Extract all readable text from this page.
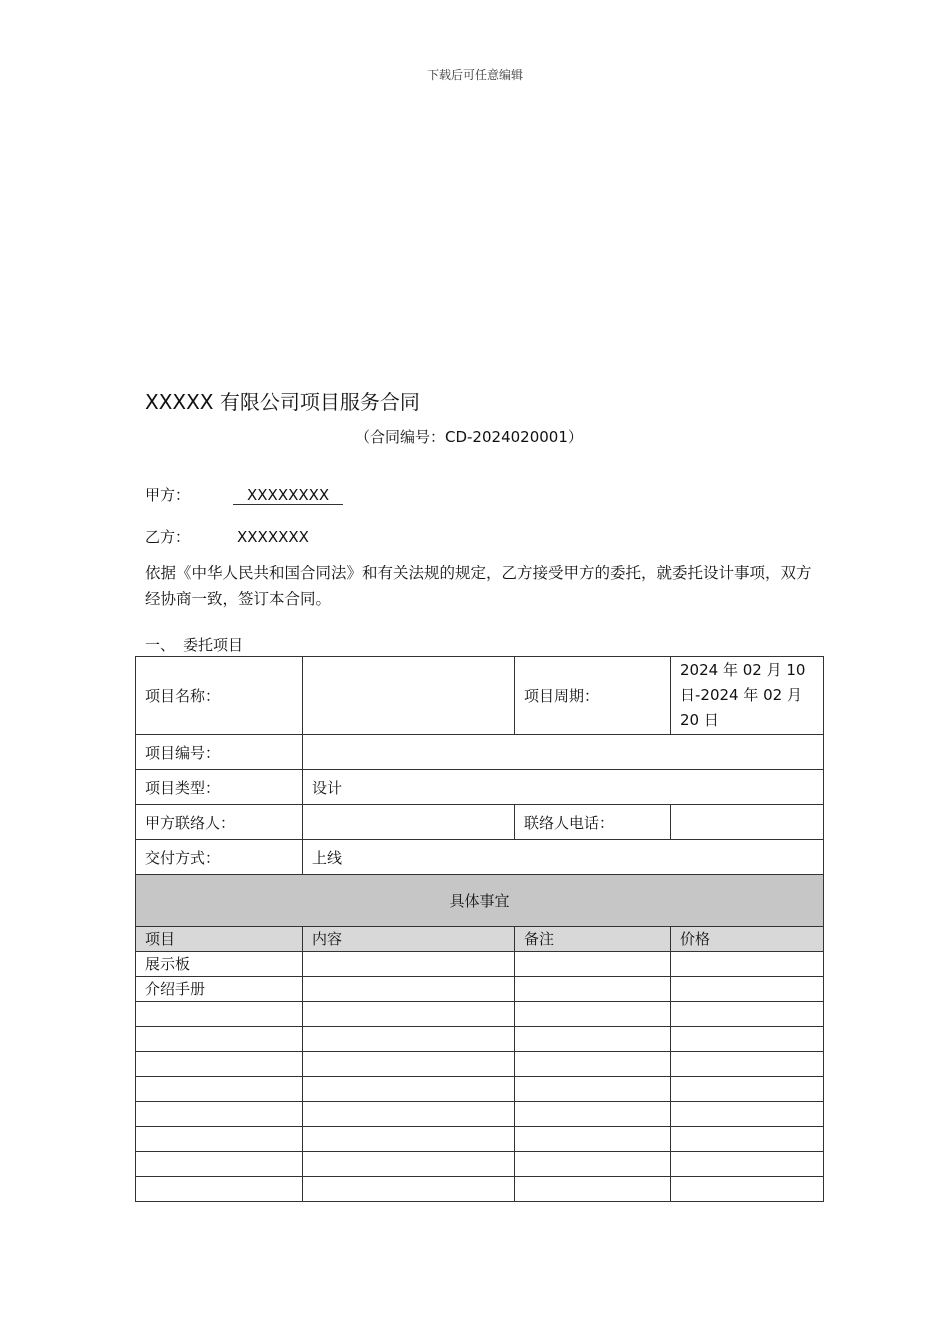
下载后可任意编辑
XXXXX 有限公司项目服务合同
（合同编号：CD-2024020001）
甲方：	XXXXXXXX
乙方：	XXXXXXX
依据《中华人民共和国合同法》和有关法规的规定，乙方接受甲方的委托，就委托设计事项，双方经协商一致，签订本合同。
一、 委托项目
项目名称：		项目周期：	2024 年 02 月 10 日-2024 年 02 月 20 日
项目编号：			
项目类型：	设计		
甲方联络人：		联络人电话：	
交付方式：	上线		
具体事宜			
项目	内容	备注	价格
展示板			
介绍手册			
